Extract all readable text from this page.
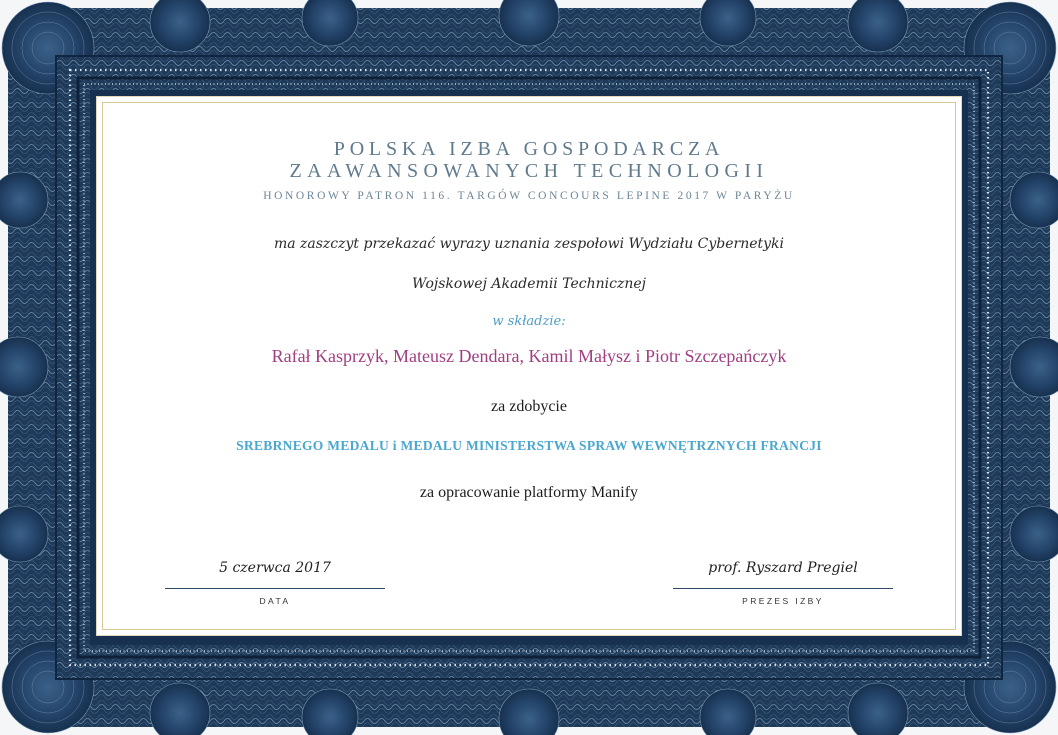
POLSKA IZBA GOSPODARCZA
ZAAWANSOWANYCH TECHNOLOGII
HONOROWY PATRON 116. TARGÓW CONCOURS LEPINE 2017 W PARYŻU
ma zaszczyt przekazać wyrazy uznania zespołowi Wydziału Cybernetyki
Wojskowej Akademii Technicznej
w składzie:
Rafał Kasprzyk, Mateusz Dendara, Kamil Małysz i Piotr Szczepańczyk
za zdobycie
SREBRNEGO MEDALU i MEDALU MINISTERSTWA SPRAW WEWNĘTRZNYCH FRANCJI
za opracowanie platformy Manify
5 czerwca 2017
DATA
prof. Ryszard Pregiel
PREZES IZBY
